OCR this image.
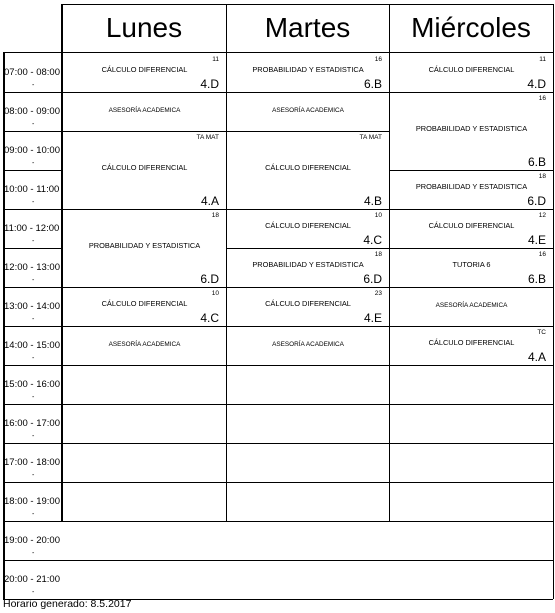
Lunes	Martes	Miércoles
07:00 - 08:00
-
08:00 - 09:00
-
09:00 - 10:00
-
10:00 - 11:00
-
11:00 - 12:00
-
12:00 - 13:00
-
13:00 - 14:00
-
14:00 - 15:00
-
15:00 - 16:00
-
16:00 - 17:00
-
17:00 - 18:00
-
18:00 - 19:00
-
19:00 - 20:00
-
20:00 - 21:00
-
CÁLCULO DIFERENCIAL
11
4.D
ASESORÍA ACADEMICA
CÁLCULO DIFERENCIAL
TA MAT
4.A
PROBABILIDAD Y ESTADISTICA
18
6.D
CÁLCULO DIFERENCIAL
10
4.C
ASESORÍA ACADEMICA
PROBABILIDAD Y ESTADISTICA
16
6.B
ASESORÍA ACADEMICA
CÁLCULO DIFERENCIAL
TA MAT
4.B
CÁLCULO DIFERENCIAL
10
4.C
PROBABILIDAD Y ESTADISTICA
18
6.D
CÁLCULO DIFERENCIAL
23
4.E
ASESORÍA ACADEMICA
CÁLCULO DIFERENCIAL
11
4.D
PROBABILIDAD Y ESTADISTICA
16
6.B
PROBABILIDAD Y ESTADISTICA
18
6.D
CÁLCULO DIFERENCIAL
12
4.E
TUTORIA 6
16
6.B
ASESORÍA ACADEMICA
CÁLCULO DIFERENCIAL
TC
4.A
Horario generado: 8.5.2017
